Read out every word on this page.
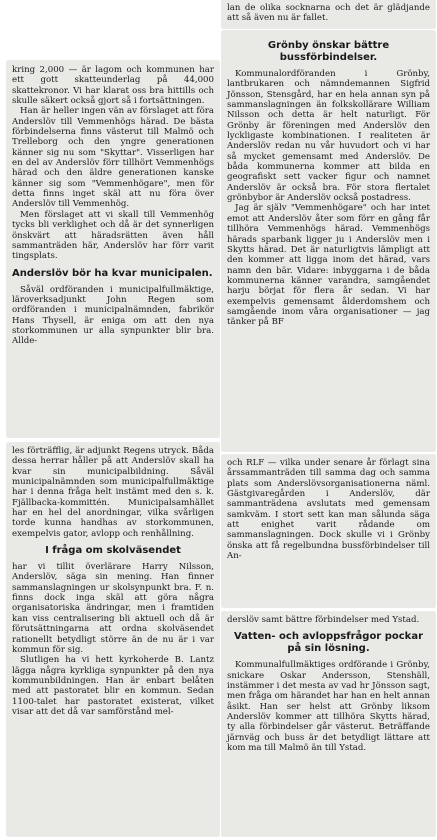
kring 2,000 — är lagom och kommunen har ett gott skatteunderlag på 44,000 skattekronor. Vi har klarat oss bra hittills och skulle säkert också gjort så i fortsättningen.

Han är heller ingen vän av förslaget att föra Anderslöv till Vemmenhögs härad. De bästa förbindelserna finns västerut till Malmö och Trelleborg och den yngre generationen känner sig nu som "Skyttar". Visserligen har en del av Anderslöv förr tillhört Vemmenhögs härad och den äldre generationen kanske känner sig som "Vemmenhögare", men för detta finns inget skäl att nu föra över Anderslöv till Vemmenhög.

Men förslaget att vi skall till Vemmenhög tycks bli verklighet och då är det synnerligen önskvärt att häradsrätten även håll sammanträden här, Anderslöv har förr varit tingsplats.

Anderslöv bör ha kvar municipalen.

Såväl ordföranden i municipalfullmäktige, läroverksadjunkt John Regen som ordföranden i municipalnämnden, fabrikör Hans Thysell, är eniga om att den nya storkommunen ur alla synpunkter blir bra. Allde-

les förträfflig, är adjunkt Regens utryck. Båda dessa herrar håller på att Anderslöv skall ha kvar sin municipalbildning. Såväl municipalnämnden som municipalfullmäktige har i denna fråga helt instämt med den s. k. Fjällbacka-kommittén. Municipalsamhället har en hel del anordningar, vilka svårligen torde kunna handhas av storkommunen, exempelvis gator, avlopp och renhållning.

I fråga om skolväsendet

har vi tillit överlärare Harry Nilsson, Anderslöv, säga sin mening. Han finner sammanslagningen ur skolsynpunkt bra. F. n. finns dock inga skäl att göra några organisatoriska ändringar, men i framtiden kan viss centralisering bli aktuell och då är förutsättningarna att ordna skolväsendet rationellt betydligt större än de nu är i var kommun för sig.

Slutligen ha vi hett kyrkoherde B. Lantz lägga några kyrkliga synpunkter på den nya kommunbildningen. Han är enbart belåten med att pastoratet blir en kommun. Sedan 1100-talet har pastoratet existerat, vilket visar att det då var samförstånd mel-

lan de olika socknarna och det är glädjande att så även nu är fallet.

Grönby önskar bättre bussförbindelser.

Kommunalordföranden i Grönby, lantbrukaren och nämndemannen Sigfrid Jönsson, Stensgård, har en hela annan syn på sammanslagningen än folkskollärare William Nilsson och detta är helt naturligt. För Grönby är föreningen med Anderslöv den lyckligaste kombinationen. I realiteten är Anderslöv redan nu vår huvudort och vi har så mycket gemensamt med Anderslöv. De båda kommunerna kommer att bilda en geografiskt sett vacker figur och namnet Anderslöv är också bra. För stora flertalet grönbybor är Anderslöv också postadress.

Jag är själv "Vemmenhögare" och har intet emot att Anderslöv åter som förr en gång får tillhöra Vemmenhögs härad. Vemmenhögs härads sparbank ligger ju i Anderslöv men i Skytts härad. Det är naturligtvis lämpligt att den kommer att ligga inom det härad, vars namn den bär. Vidare: inbyggarna i de båda kommunerna känner varandra, samgåendet harju börjat för flera år sedan. Vi har exempelvis gemensamt ålderdomshem och samgående inom våra organisationer — jag tänker på BF

och RLF — vilka under senare år förlagt sina årssammanträden till samma dag och samma plats som Anderslövsorganisationerna näml. Gästgivaregården i Anderslöv, där sammanträdena avslutats med gemensam samkväm. I stort sett kan man sålunda säga att enighet varit rådande om sammanslagningen. Dock skulle vi i Grönby önska att få regelbundna bussförbindelser till An-

derslöv samt bättre förbindelser med Ystad.

Vatten- och avloppsfrågor pockar på sin lösning.

Kommunalfullmäktiges ordförande i Grönby, snickare Oskar Andersson, Stenshäll, instämmer i det mesta av vad hr Jönsson sagt, men fråga om härandet har han en helt annan åsikt. Han ser helst att Grönby liksom Anderslöv kommer att tillhöra Skytts härad, ty alla förbindelser går västerut. Beträffande järnväg och buss är det betydligt lättare att kom ma till Malmö än till Ystad.
